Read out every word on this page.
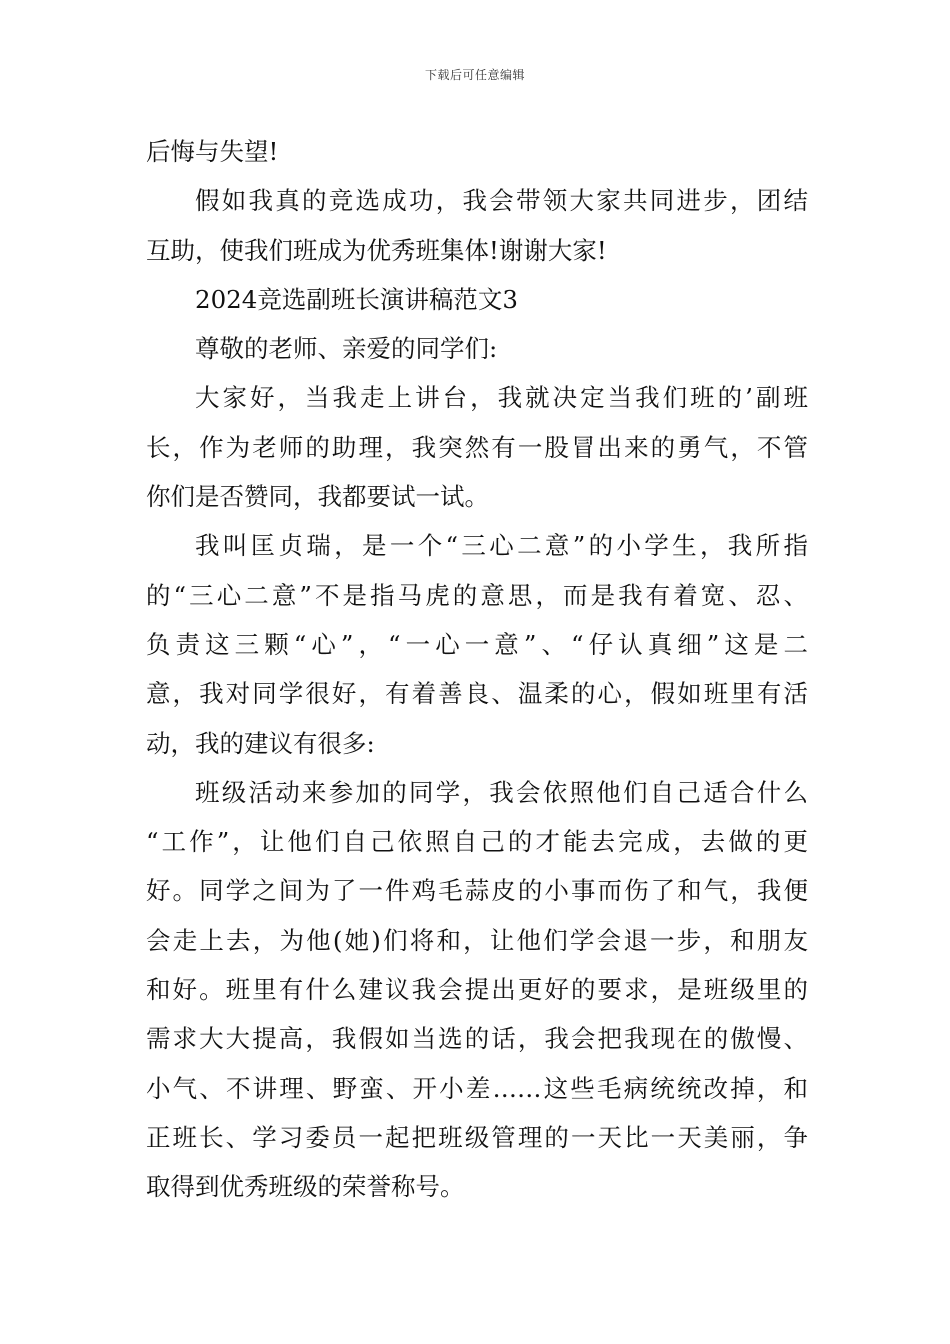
下载后可任意编辑
后悔与失望!
假如我真的竞选成功，我会带领大家共同进步，团结
互助，使我们班成为优秀班集体!谢谢大家!
2024竞选副班长演讲稿范文3
尊敬的老师、亲爱的同学们:
大家好，当我走上讲台，我就决定当我们班的’副班
长，作为老师的助理，我突然有一股冒出来的勇气，不管
你们是否赞同，我都要试一试。
我叫匡贞瑞，是一个“三心二意”的小学生，我所指
的“三心二意”不是指马虎的意思，而是我有着宽、忍、
负责这三颗“心”，“一心一意”、“仔认真细”这是二
意，我对同学很好，有着善良、温柔的心，假如班里有活
动，我的建议有很多:
班级活动来参加的同学，我会依照他们自己适合什么
“工作”，让他们自己依照自己的才能去完成，去做的更
好。同学之间为了一件鸡毛蒜皮的小事而伤了和气，我便
会走上去，为他(她)们将和，让他们学会退一步，和朋友
和好。班里有什么建议我会提出更好的要求，是班级里的
需求大大提高，我假如当选的话，我会把我现在的傲慢、
小气、不讲理、野蛮、开小差……这些毛病统统改掉，和
正班长、学习委员一起把班级管理的一天比一天美丽，争
取得到优秀班级的荣誉称号。
